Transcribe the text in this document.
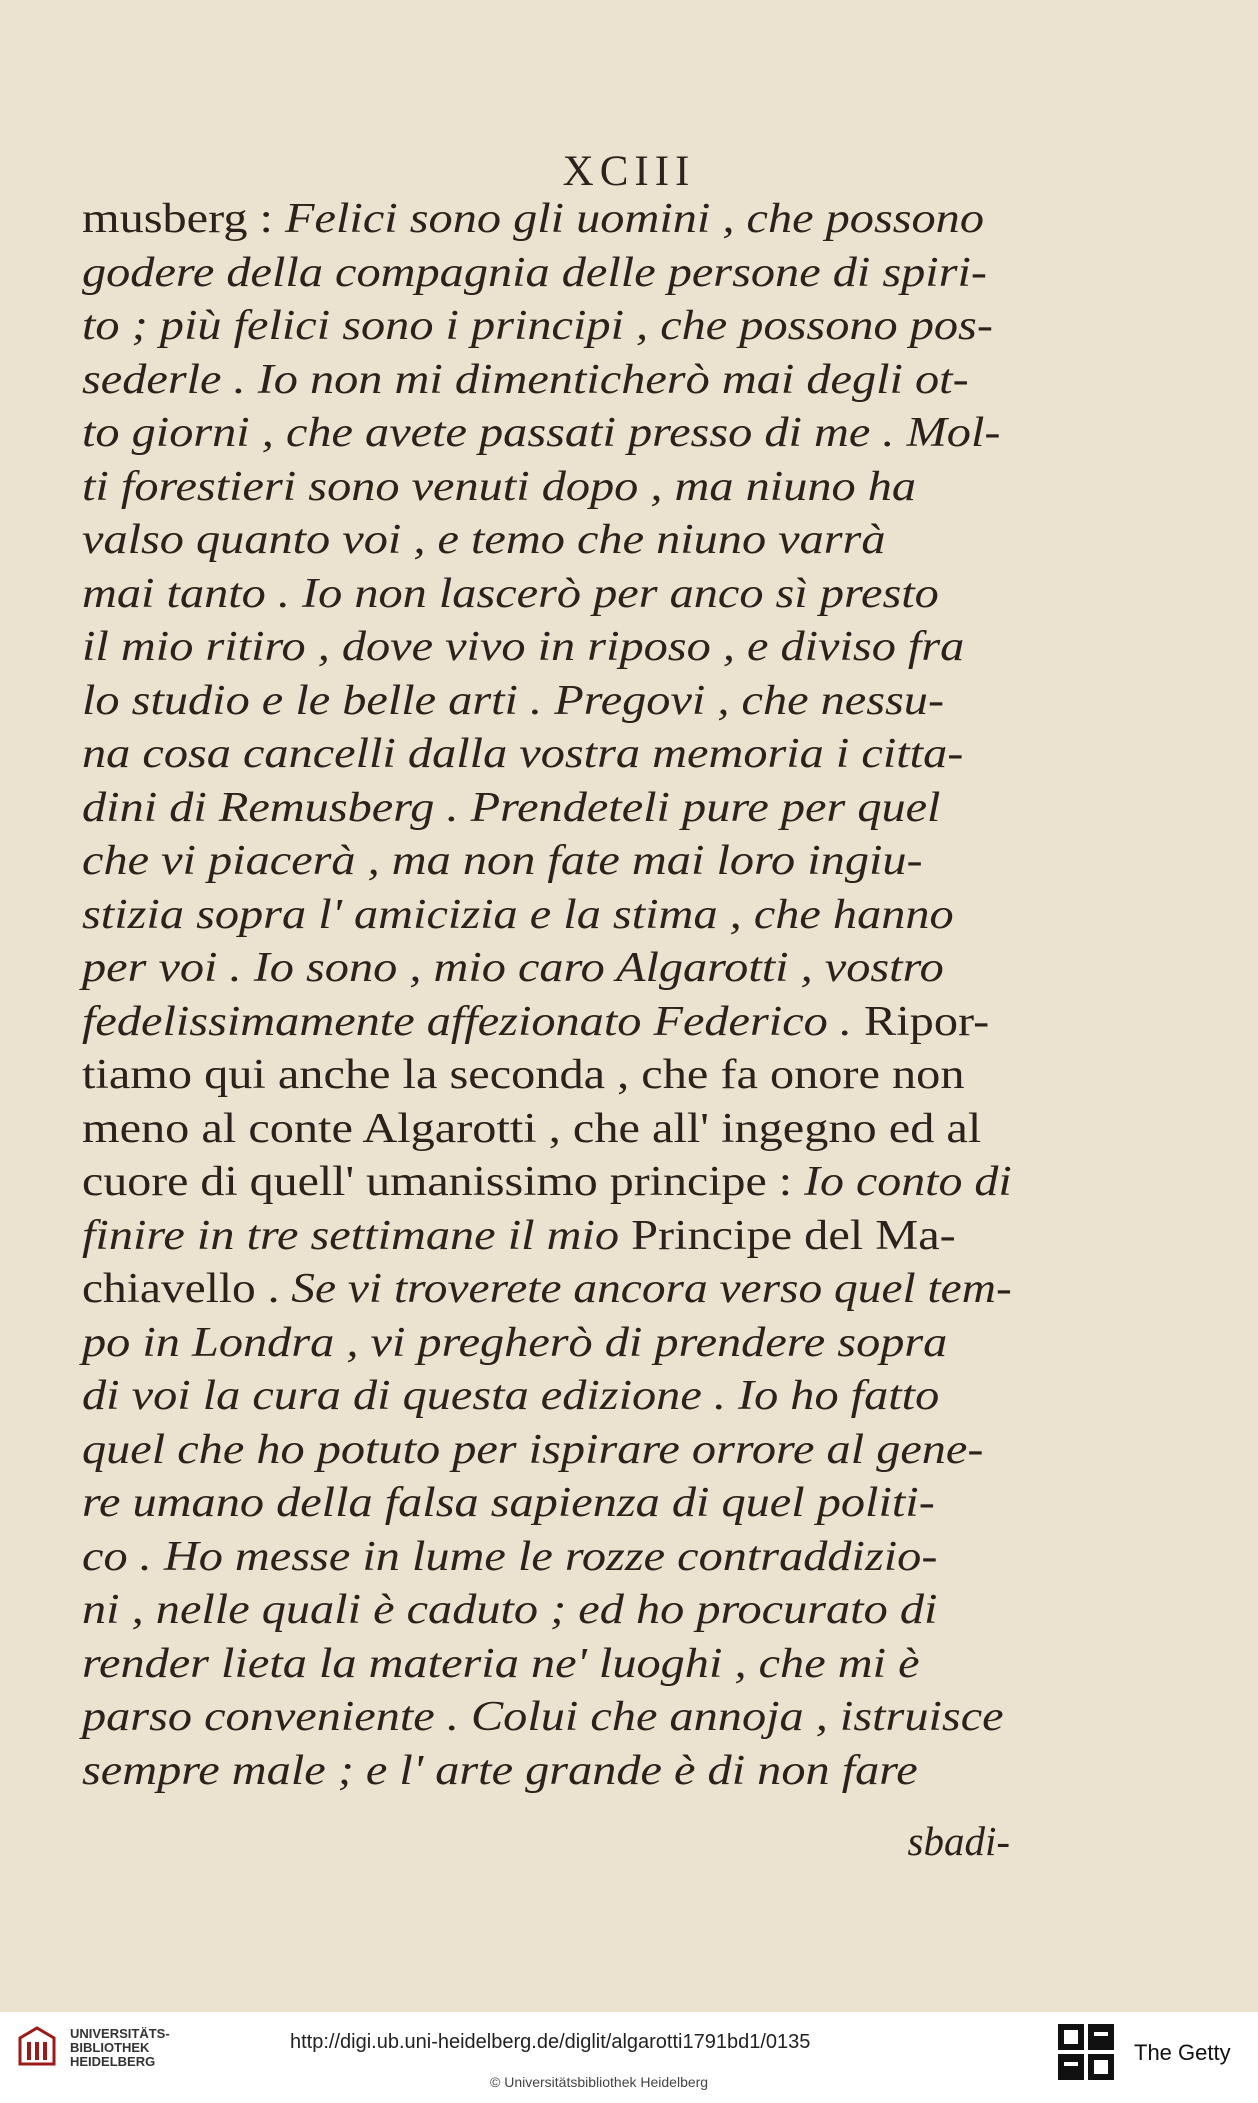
XCIII
musberg : Felici sono gli uomini , che possono
godere della compagnia delle persone di spiri-
to ; più felici sono i principi , che possono pos-
sederle . Io non mi dimenticherò mai degli ot-
to giorni , che avete passati presso di me . Mol-
ti forestieri sono venuti dopo , ma niuno ha
valso quanto voi , e temo che niuno varrà
mai tanto . Io non lascerò per anco sì presto
il mio ritiro , dove vivo in riposo , e diviso fra
lo studio e le belle arti . Pregovi , che nessu-
na cosa cancelli dalla vostra memoria i citta-
dini di Remusberg . Prendeteli pure per quel
che vi piacerà , ma non fate mai loro ingiu-
stizia sopra l' amicizia e la stima , che hanno
per voi . Io sono , mio caro Algarotti , vostro
fedelissimamente affezionato Federico . Ripor-
tiamo qui anche la seconda , che fa onore non
meno al conte Algarotti , che all' ingegno ed al
cuore di quell' umanissimo principe : Io conto di
finire in tre settimane il mio Principe del Ma-
chiavello . Se vi troverete ancora verso quel tem-
po in Londra , vi pregherò di prendere sopra
di voi la cura di questa edizione . Io ho fatto
quel che ho potuto per ispirare orrore al gene-
re umano della falsa sapienza di quel politi-
co . Ho messe in lume le rozze contraddizio-
ni , nelle quali è caduto ; ed ho procurato di
render lieta la materia ne' luoghi , che mi è
parso conveniente . Colui che annoja , istruisce
sempre male ; e l' arte grande è di non fare
sbadi-
UNIVERSITÄTS-
BIBLIOTHEK
HEIDELBERG
http://digi.ub.uni-heidelberg.de/diglit/algarotti1791bd1/0135
© Universitätsbibliothek Heidelberg
The Getty
